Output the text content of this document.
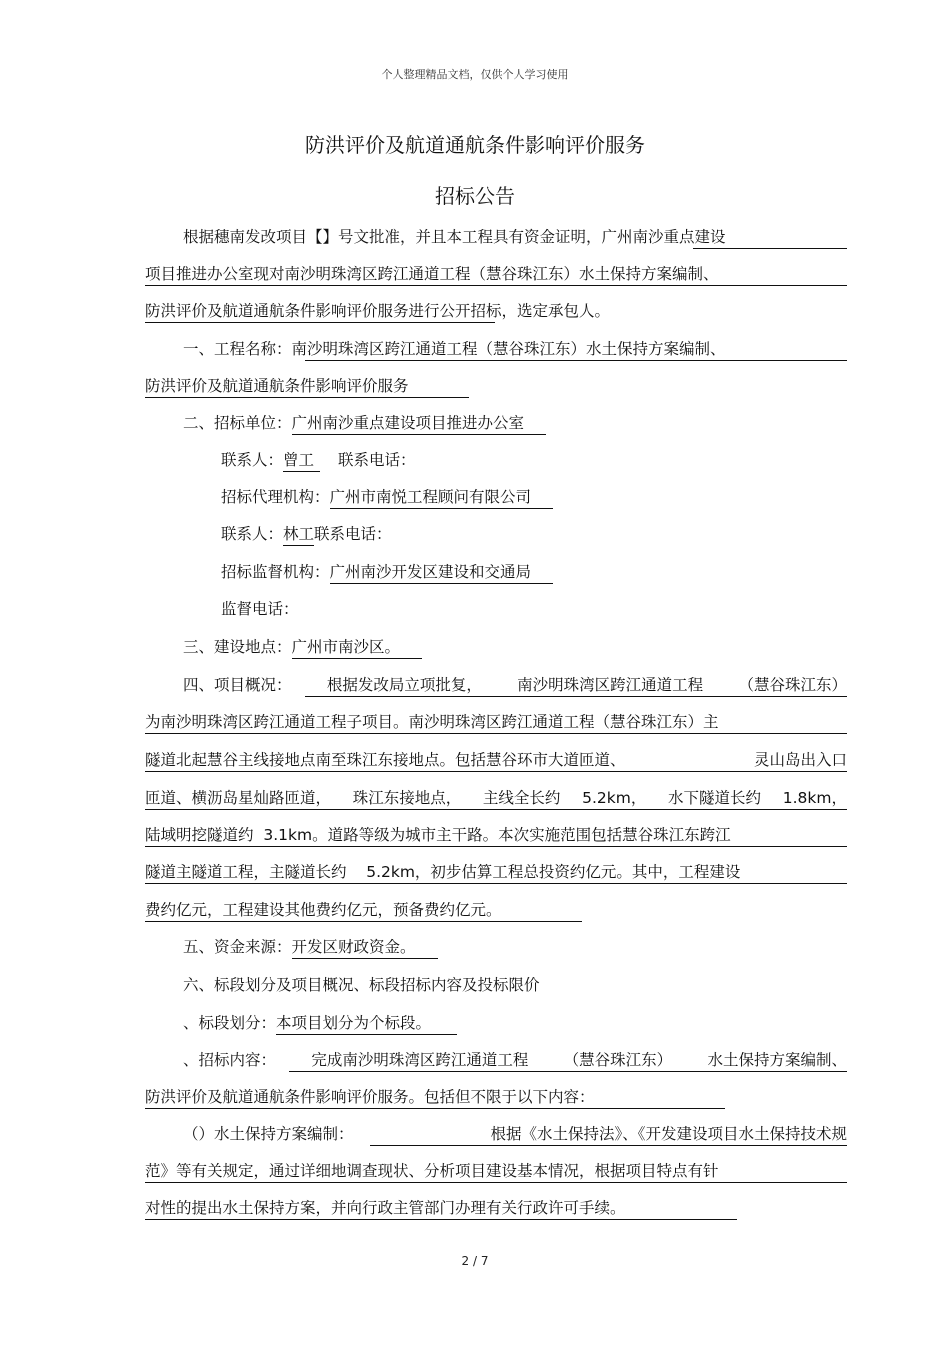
个人整理精品文档，仅供个人学习使用
防洪评价及航道通航条件影响评价服务
招标公告
根据穗南发改项目【】号文批准，并且本工程具有资金证明，广州南沙重点建设
项目推进办公室现对南沙明珠湾区跨江通道工程（慧谷珠江东）水土保持方案编制、
防洪评价及航道通航条件影响评价服务进行公开招标，选定承包人。
一、工程名称：南沙明珠湾区跨江通道工程（慧谷珠江东）水土保持方案编制、
防洪评价及航道通航条件影响评价服务
二、招标单位：广州南沙重点建设项目推进办公室
联系人：曾工 联系电话：
招标代理机构：广州市南悦工程顾问有限公司
联系人：林工联系电话：
招标监督机构：广州南沙开发区建设和交通局
监督电话：
三、建设地点：广州市南沙区。
四、项目概况： 根据发改局立项批复， 南沙明珠湾区跨江通道工程 （慧谷珠江东）
为南沙明珠湾区跨江通道工程子项目。南沙明珠湾区跨江通道工程（慧谷珠江东）主
隧道北起慧谷主线接地点南至珠江东接地点。包括慧谷环市大道匝道、	灵山岛出入口
匝道、横沥岛星灿路匝道， 珠江东接地点， 主线全长约 5.2km， 水下隧道长约 1.8km，
陆域明挖隧道约  3.1km。道路等级为城市主干路。本次实施范围包括慧谷珠江东跨江
隧道主隧道工程，主隧道长约    5.2km，初步估算工程总投资约亿元。其中，工程建设
费约亿元，工程建设其他费约亿元，预备费约亿元。
五、资金来源：开发区财政资金。
六、标段划分及项目概况、标段招标内容及投标限价
、标段划分：本项目划分为个标段。
、招标内容： 完成南沙明珠湾区跨江通道工程 （慧谷珠江东） 水土保持方案编制、
防洪评价及航道通航条件影响评价服务。包括但不限于以下内容：
（）水土保持方案编制：	根据《水土保持法》、《开发建设项目水土保持技术规
范》等有关规定，通过详细地调查现状、分析项目建设基本情况，根据项目特点有针
对性的提出水土保持方案，并向行政主管部门办理有关行政许可手续。
2 / 7
